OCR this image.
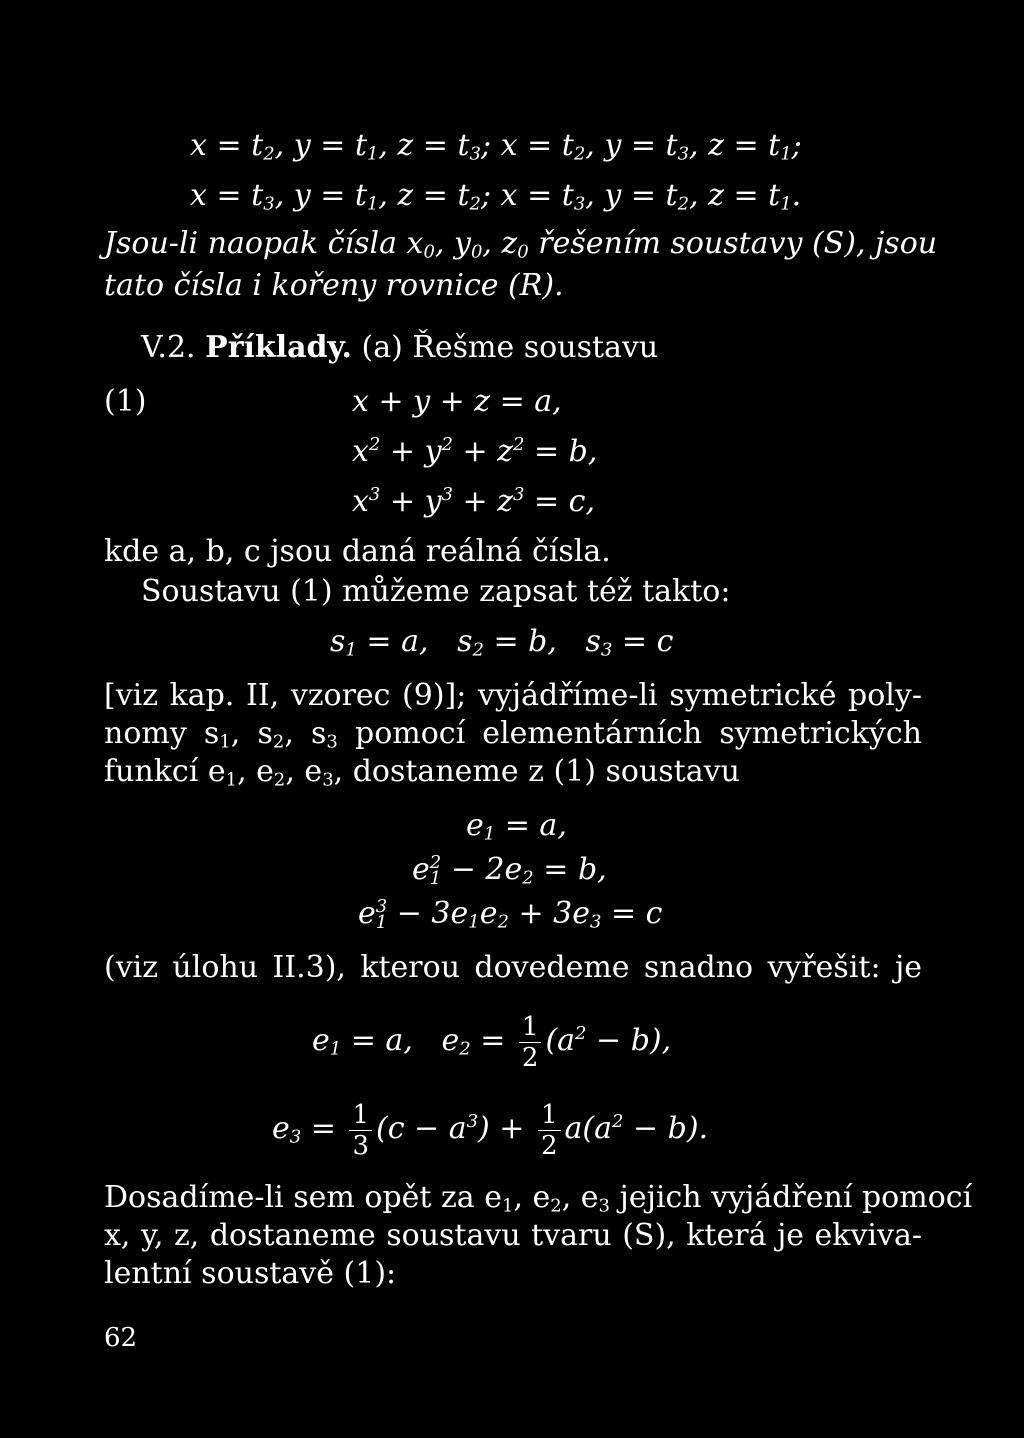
$x = t_2$, $y = t_1$, $z = t_3$; $x = t_2$, $y = t_3$, $z = t_1$;
$x = t_3$, $y = t_1$, $z = t_2$; $x = t_3$, $y = t_2$, $z = t_1$.
Jsou-li naopak čísla $x_0$, $y_0$, $z_0$ řešením soustavy (S), jsou
tato čísla i kořeny rovnice (R).
V.2. Příklady. (a) Řešme soustavu
(1)	x + y + z = a,
$x^2 + y^2 + z^2 = b$,
$x^3 + y^3 + z^3 = c$,
kde a, b, c jsou daná reálná čísla.
Soustavu (1) můžeme zapsat též takto:
$s_1 = a$,   $s_2 = b$,   $s_3 = c$
[viz kap. II, vzorec (9)]; vyjádříme-li symetrické poly-
nomy $s_1$, $s_2$, $s_3$ pomocí elementárních symetrických
funkcí $e_1$, $e_2$, $e_3$, dostaneme z (1) soustavu
$e_1 = a$,
e 2
$1 - 2e_2 = b$,
e 3
$1 - 3e_1e_2 + 3e_3 = c$
(viz úlohu II.3), kterou dovedeme snadno vyřešit: je
$e_1 = a$,   $e_2 = \frac{1}{2} (a^2 - b)$,
$e_3 = \frac{1}{3} (c - a^3) + \frac{1}{2} a(a^2 - b)$.
Dosadíme-li sem opět za $e_1$, $e_2$, $e_3$ jejich vyjádření pomocí
x, y, z, dostaneme soustavu tvaru (S), která je ekviva-
lentní soustavě (1):
62
